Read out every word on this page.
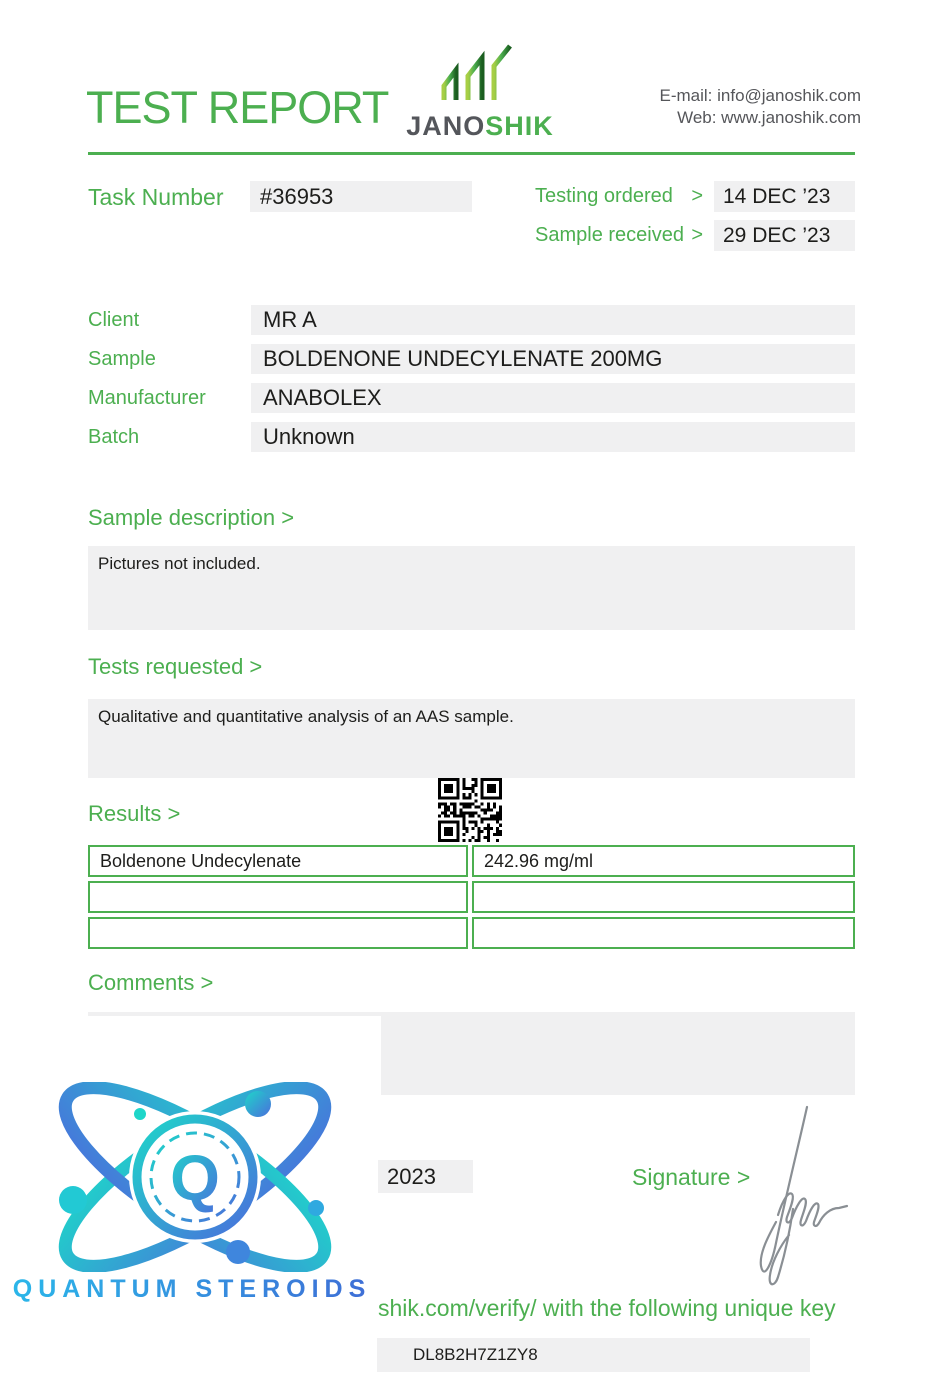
TEST REPORT JANOSHIK
E-mail: info@janoshik.com
Web: www.janoshik.com
Task Number	#36953	Testing ordered > 14 DEC ’23
Sample received > 29 DEC ’23
Client	MR A
Sample	BOLDENONE UNDECYLENATE 200MG
Manufacturer	ANABOLEX
Batch	Unknown
Sample description >
Pictures not included.
Tests requested >
Qualitative and quantitative analysis of an AAS sample.
Results >
Boldenone Undecylenate	242.96 mg/ml
Comments >
Q
QUANTUM STEROIDS
2023	Signature >
shik.com/verify/ with the following unique key
DL8B2H7Z1ZY8
